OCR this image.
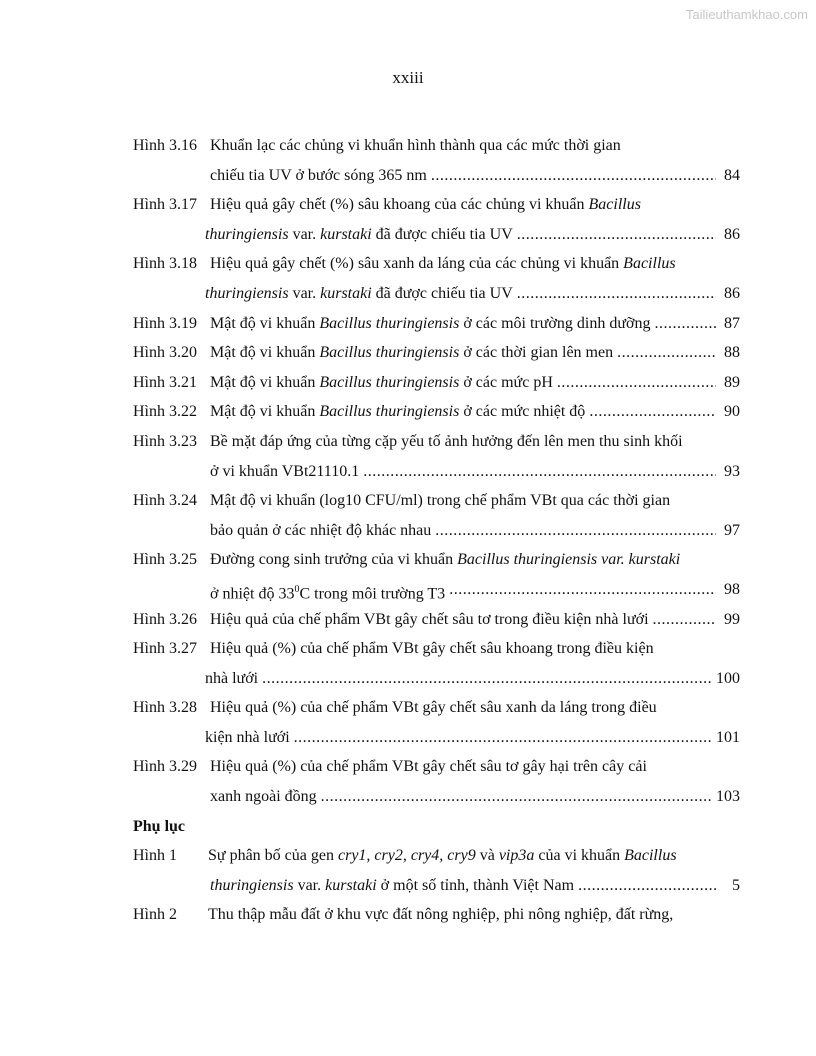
Tailieuthamkhao.com
xxiii
Hình 3.16 Khuẩn lạc các chủng vi khuẩn hình thành qua các mức thời gian
chiếu tia UV ở bước sóng 365 nm .....	84
Hình 3.17 Hiệu quả gây chết (%) sâu khoang của các chủng vi khuẩn Bacillus
thuringiensis var. kurstaki đã được chiếu tia UV .....	86
Hình 3.18 Hiệu quả gây chết (%) sâu xanh da láng của các chủng vi khuẩn Bacillus
thuringiensis var. kurstaki đã được chiếu tia UV .....	86
Hình 3.19 Mật độ vi khuẩn Bacillus thuringiensis ở các môi trường dinh dưỡng .....	87
Hình 3.20 Mật độ vi khuẩn Bacillus thuringiensis ở các thời gian lên men .....	88
Hình 3.21 Mật độ vi khuẩn Bacillus thuringiensis ở các mức pH .....	89
Hình 3.22 Mật độ vi khuẩn Bacillus thuringiensis ở các mức nhiệt độ .....	90
Hình 3.23 Bề mặt đáp ứng của từng cặp yếu tố ảnh hưởng đến lên men thu sinh khối
ở vi khuẩn VBt21110.1 .....	93
Hình 3.24 Mật độ vi khuẩn (log10 CFU/ml) trong chế phẩm VBt qua các thời gian
bảo quản ở các nhiệt độ khác nhau .....	97
Hình 3.25 Đường cong sinh trưởng của vi khuẩn Bacillus thuringiensis var. kurstaki
ở nhiệt độ $33^0C$ trong môi trường T3 .....	98
Hình 3.26 Hiệu quả của chế phẩm VBt gây chết sâu tơ trong điều kiện nhà lưới .....	99
Hình 3.27 Hiệu quả (%) của chế phẩm VBt gây chết sâu khoang trong điều kiện
nhà lưới .....	100
Hình 3.28 Hiệu quả (%) của chế phẩm VBt gây chết sâu xanh da láng trong điều
kiện nhà lưới .....	101
Hình 3.29 Hiệu quả (%) của chế phẩm VBt gây chết sâu tơ gây hại trên cây cải
xanh ngoài đồng .....	103
Phụ lục
Hình 1 Sự phân bố của gen cry1, cry2, cry4, cry9 và vip3a của vi khuẩn Bacillus
thuringiensis var. kurstaki ở một số tỉnh, thành Việt Nam .....	5
Hình 2 Thu thập mẫu đất ở khu vực đất nông nghiệp, phi nông nghiệp, đất rừng,
